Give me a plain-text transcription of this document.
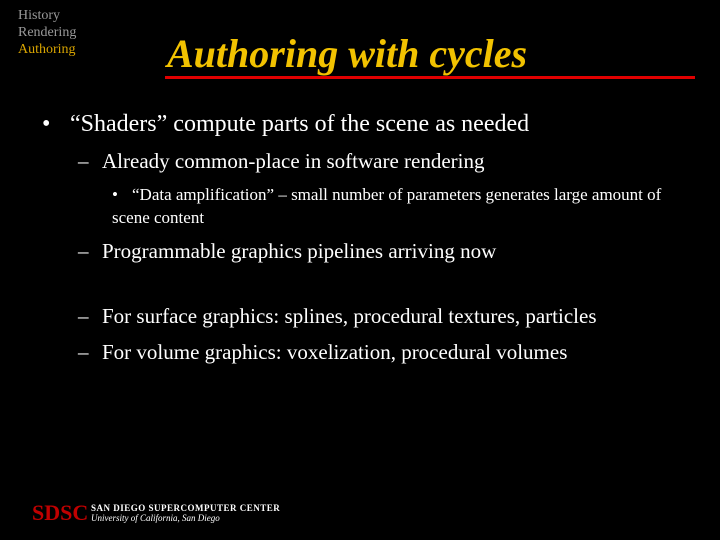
History
Rendering
Authoring Authoring with cycles
• “Shaders” compute parts of the scene as needed
– Already common-place in software rendering
• “Data amplification” – small number of parameters generates large amount of scene content
– Programmable graphics pipelines arriving now
– For surface graphics: splines, procedural textures, particles
– For volume graphics: voxelization, procedural volumes
SDSC SAN DIEGO SUPERCOMPUTER CENTER
University of California, San Diego
